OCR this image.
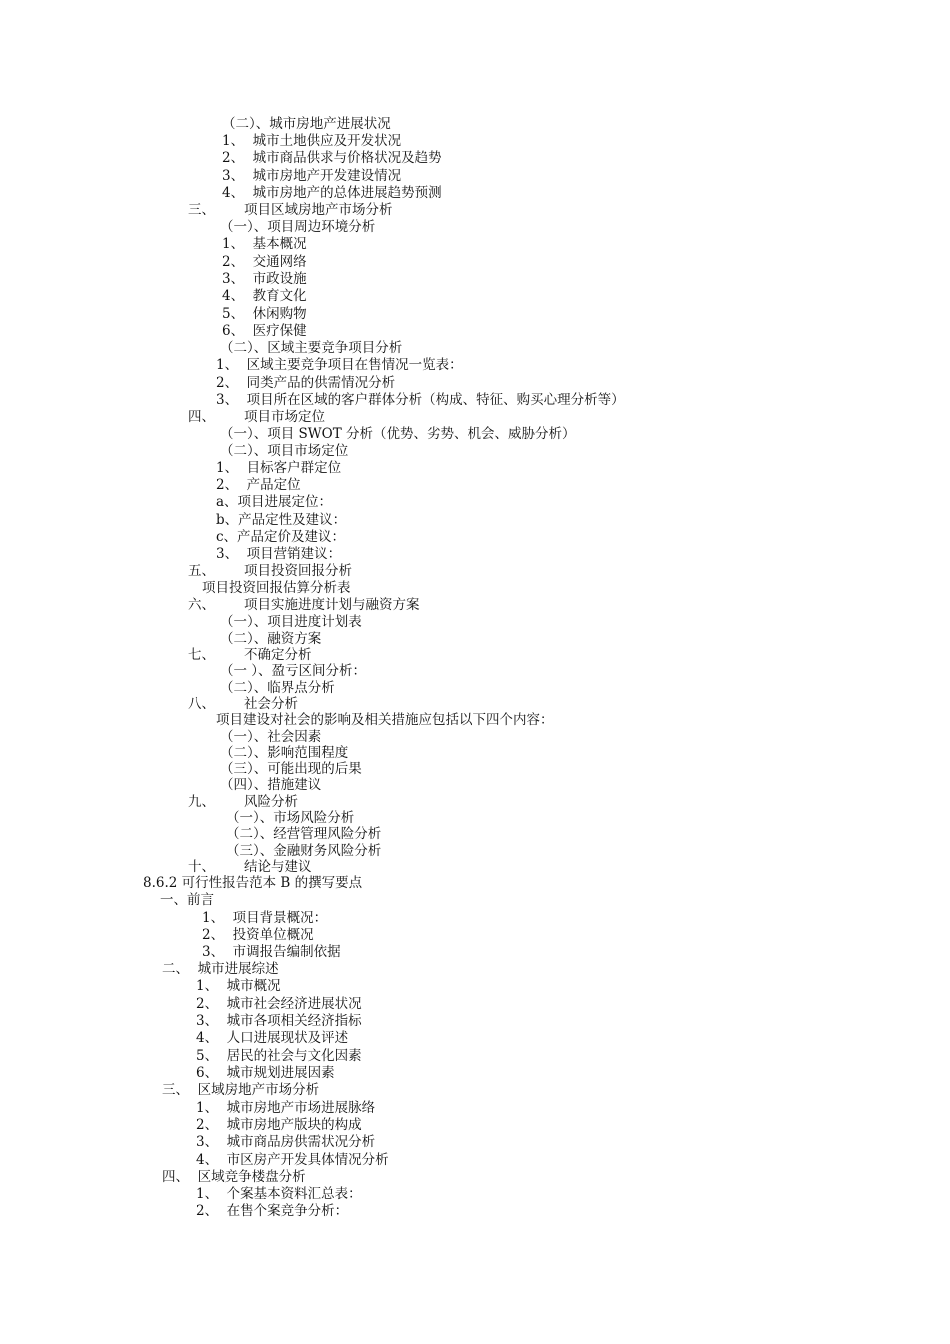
（二）、城市房地产进展状况
1、  城市土地供应及开发状况
2、  城市商品供求与价格状况及趋势
3、  城市房地产开发建设情况
4、  城市房地产的总体进展趋势预测
三、 项目区域房地产市场分析
（一）、项目周边环境分析
1、  基本概况
2、  交通网络
3、  市政设施
4、  教育文化
5、  休闲购物
6、  医疗保健
（二）、区域主要竞争项目分析
1、  区域主要竞争项目在售情况一览表：
2、  同类产品的供需情况分析
3、  项目所在区域的客户群体分析（构成、特征、购买心理分析等）
四、 项目市场定位
（一）、项目 SWOT 分析（优势、劣势、机会、威胁分析）
（二）、项目市场定位
1、  目标客户群定位
2、  产品定位
a、项目进展定位：
b、产品定性及建议：
c、产品定价及建议：
3、  项目营销建议：
五、 项目投资回报分析
项目投资回报估算分析表
六、 项目实施进度计划与融资方案
（一）、项目进度计划表
（二）、融资方案
七、 不确定分析
（一 ）、盈亏区间分析：
（二）、临界点分析
八、 社会分析
项目建设对社会的影响及相关措施应包括以下四个内容：
（一）、社会因素
（二）、影响范围程度
（三）、可能出现的后果
（四）、措施建议
九、 风险分析
（一）、市场风险分析
（二）、经营管理风险分析
（三）、金融财务风险分析
十、 结论与建议
8.6.2 可行性报告范本 B 的撰写要点
一、前言
1、  项目背景概况：
2、  投资单位概况
3、  市调报告编制依据
二、  城市进展综述
1、  城市概况
2、  城市社会经济进展状况
3、  城市各项相关经济指标
4、  人口进展现状及评述
5、  居民的社会与文化因素
6、  城市规划进展因素
三、  区域房地产市场分析
1、  城市房地产市场进展脉络
2、  城市房地产版块的构成
3、  城市商品房供需状况分析
4、  市区房产开发具体情况分析
四、  区域竞争楼盘分析
1、  个案基本资料汇总表：
2、  在售个案竞争分析：
